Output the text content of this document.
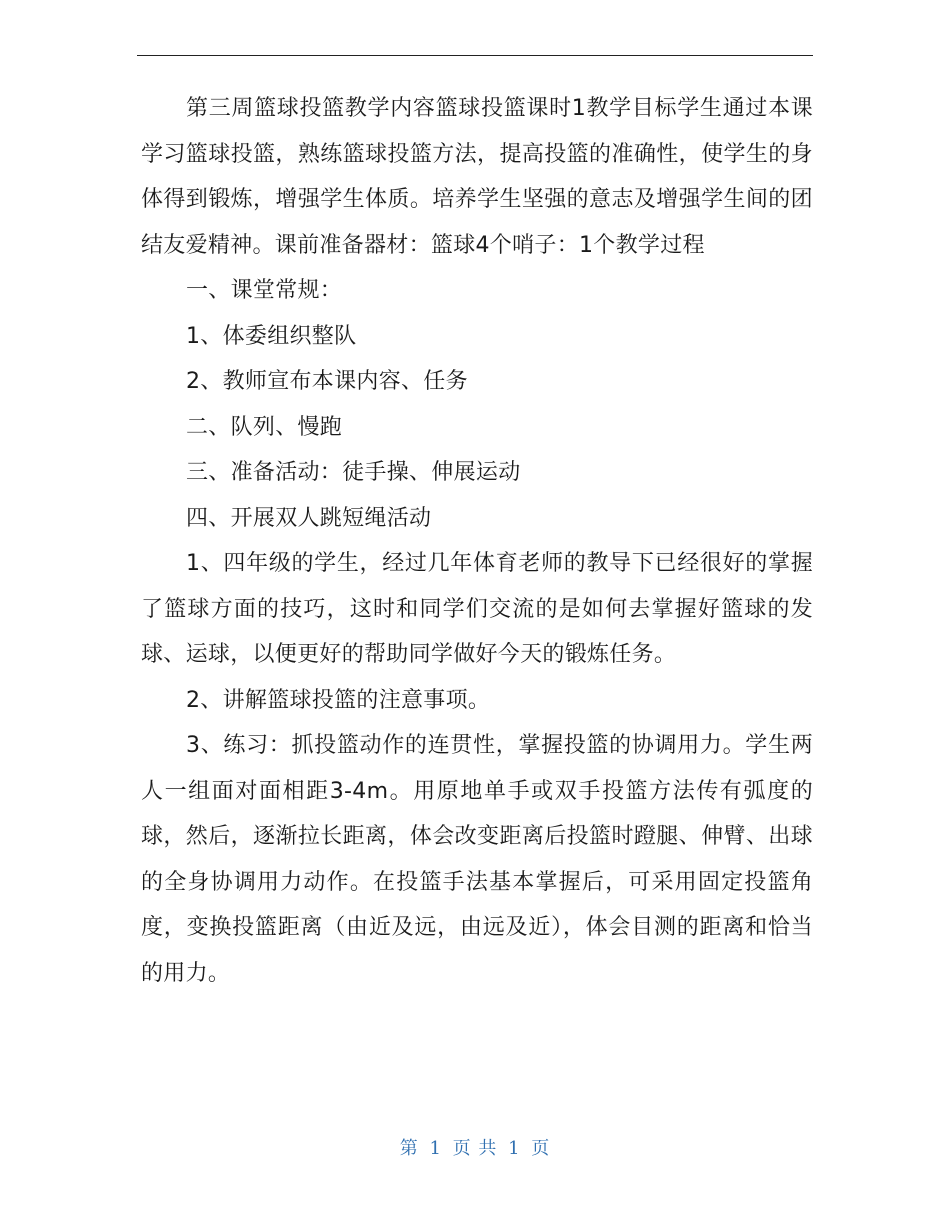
第三周篮球投篮教学内容篮球投篮课时1教学目标学生通过本课学习篮球投篮，熟练篮球投篮方法，提高投篮的准确性，使学生的身体得到锻炼，增强学生体质。培养学生坚强的意志及增强学生间的团结友爱精神。课前准备器材：篮球4个哨子：1个教学过程

一、课堂常规：

1、体委组织整队

2、教师宣布本课内容、任务

二、队列、慢跑

三、准备活动：徒手操、伸展运动

四、开展双人跳短绳活动

1、四年级的学生，经过几年体育老师的教导下已经很好的掌握了篮球方面的技巧，这时和同学们交流的是如何去掌握好篮球的发球、运球，以便更好的帮助同学做好今天的锻炼任务。

2、讲解篮球投篮的注意事项。

3、练习：抓投篮动作的连贯性，掌握投篮的协调用力。学生两人一组面对面相距3-4m。用原地单手或双手投篮方法传有弧度的球，然后，逐渐拉长距离，体会改变距离后投篮时蹬腿、伸臂、出球的全身协调用力动作。在投篮手法基本掌握后，可采用固定投篮角度，变换投篮距离（由近及远，由远及近），体会目测的距离和恰当的用力。

第 1 页 共 1 页
